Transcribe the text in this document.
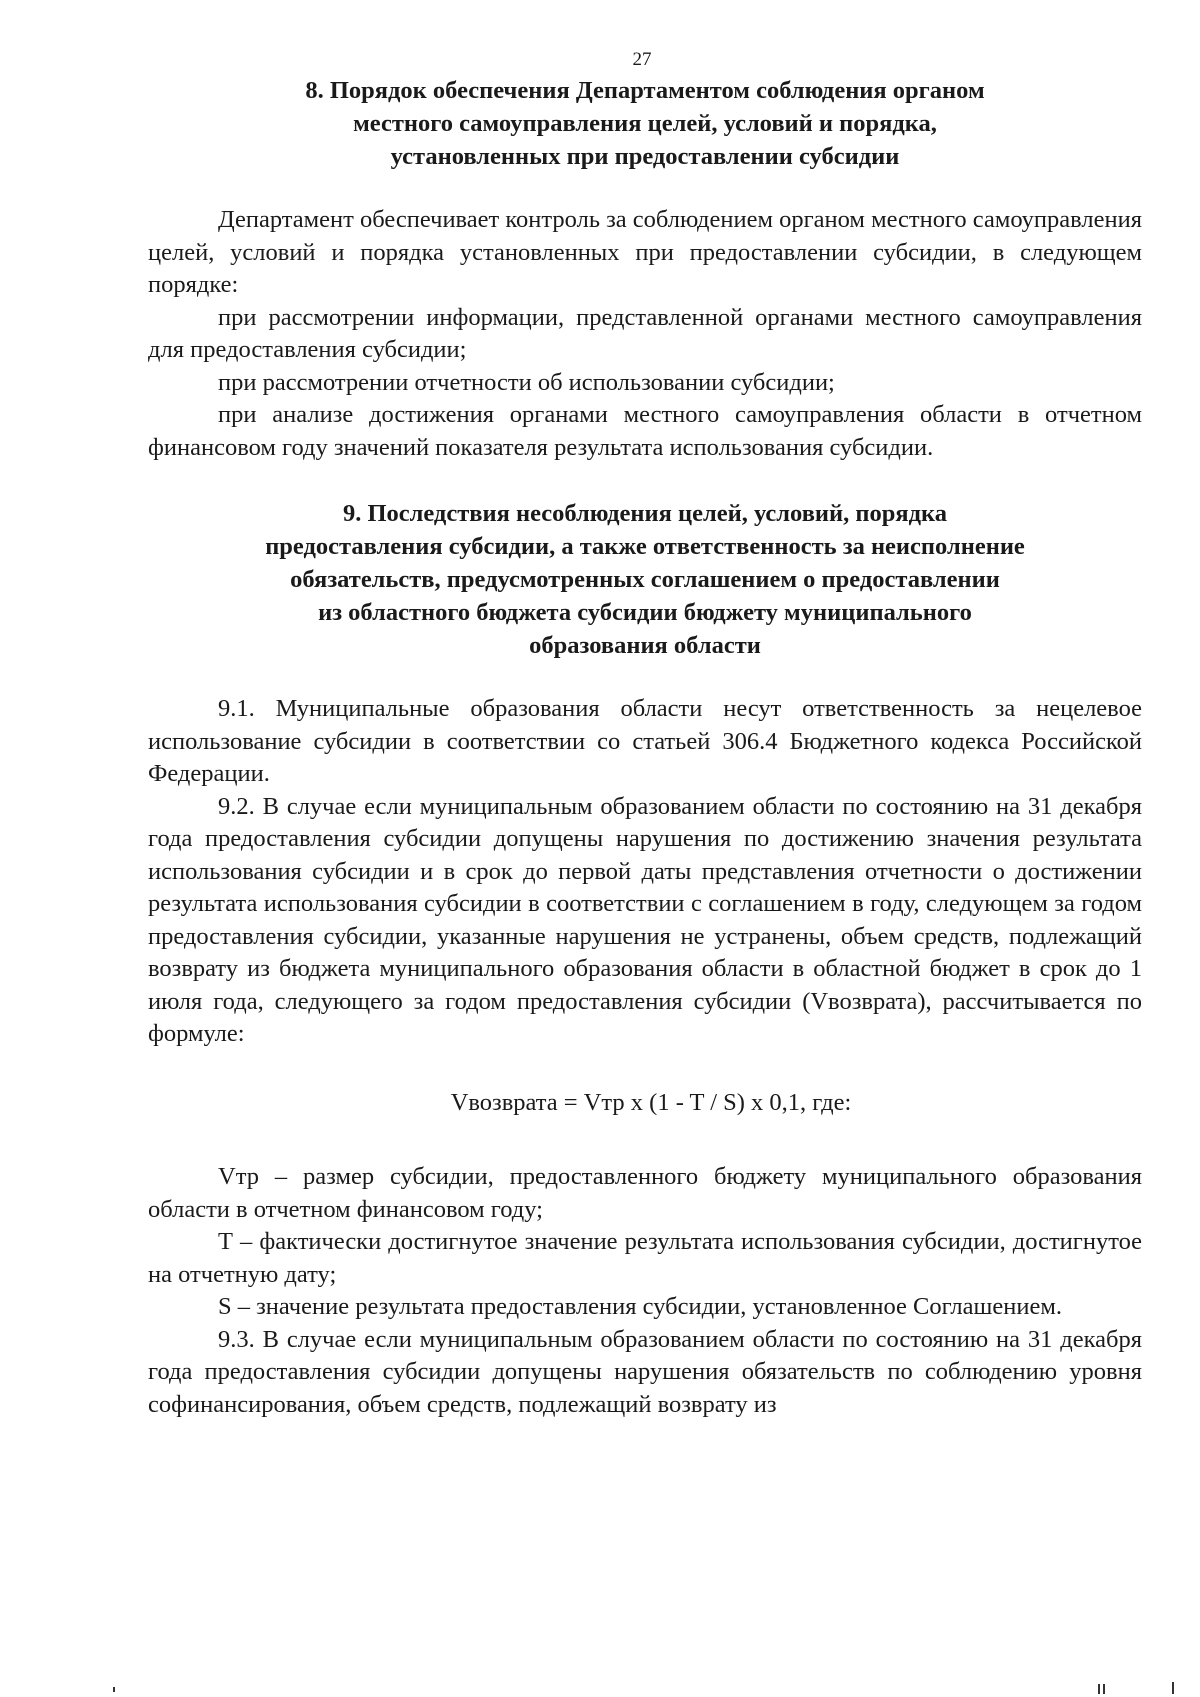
27
8. Порядок обеспечения Департаментом соблюдения органом
местного самоуправления целей, условий и порядка,
установленных при предоставлении субсидии

Департамент обеспечивает контроль за соблюдением органом местного самоуправления целей, условий и порядка установленных при предоставлении субсидии, в следующем порядке:

при рассмотрении информации, представленной органами местного самоуправления для предоставления субсидии;

при рассмотрении отчетности об использовании субсидии;

при анализе достижения органами местного самоуправления области в отчетном финансовом году значений показателя результата использования субсидии.

9. Последствия несоблюдения целей, условий, порядка
предоставления субсидии, а также ответственность за неисполнение
обязательств, предусмотренных соглашением о предоставлении
из областного бюджета субсидии бюджету муниципального
образования области

9.1. Муниципальные образования области несут ответственность за нецелевое использование субсидии в соответствии со статьей 306.4 Бюджетного кодекса Российской Федерации.

9.2. В случае если муниципальным образованием области по состоянию на 31 декабря года предоставления субсидии допущены нарушения по достижению значения результата использования субсидии и в срок до первой даты представления отчетности о достижении результата использования субсидии в соответствии с соглашением в году, следующем за годом предоставления субсидии, указанные нарушения не устранены, объем средств, подлежащий возврату из бюджета муниципального образования области в областной бюджет в срок до 1 июля года, следующего за годом предоставления субсидии (Vвозврата), рассчитывается по формуле:

Vвозврата = Vтр x (1 - T / S) x 0,1, где:

Vтр – размер субсидии, предоставленного бюджету муниципального образования области в отчетном финансовом году;

Т – фактически достигнутое значение результата использования субсидии, достигнутое на отчетную дату;

S – значение результата предоставления субсидии, установленное Соглашением.

9.3. В случае если муниципальным образованием области по состоянию на 31 декабря года предоставления субсидии допущены нарушения обязательств по соблюдению уровня софинансирования, объем средств, подлежащий возврату из
